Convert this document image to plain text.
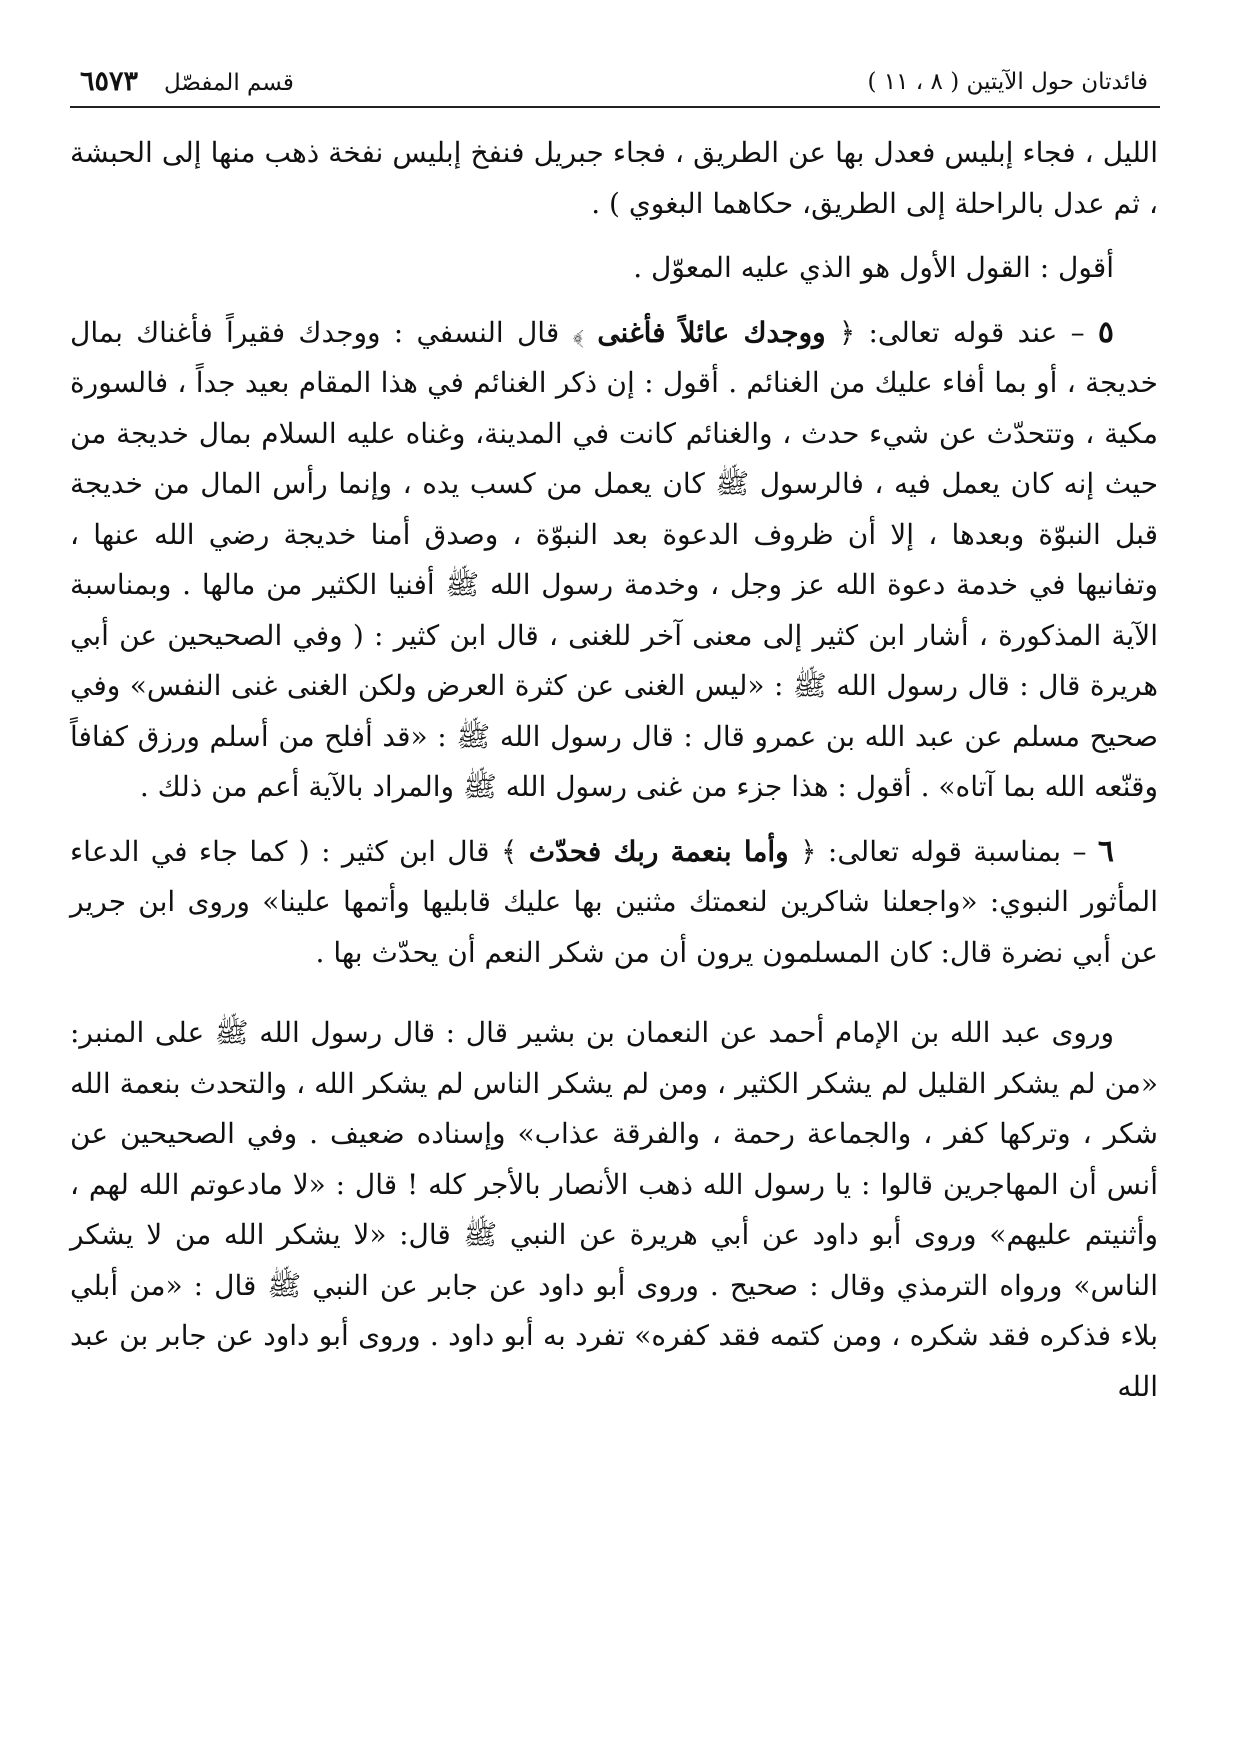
فائدتان حول الآيتين ( ٨ ، ١١ )
قسم المفصّل٦٥٧٣

الليل ، فجاء إبليس فعدل بها عن الطريق ، فجاء جبريل فنفخ إبليس نفخة ذهب منها إلى الحبشة ، ثم عدل بالراحلة إلى الطريق، حكاهما البغوي ) .

أقول : القول الأول هو الذي عليه المعوّل .

٥ – عند قوله تعالى: ﴿ ووجدك عائلاً فأغنى ﴾ قال النسفي : ووجدك فقيراً فأغناك بمال خديجة ، أو بما أفاء عليك من الغنائم . أقول : إن ذكر الغنائم في هذا المقام بعيد جداً ، فالسورة مكية ، وتتحدّث عن شيء حدث ، والغنائم كانت في المدينة، وغناه عليه السلام بمال خديجة من حيث إنه كان يعمل فيه ، فالرسول ﷺ كان يعمل من كسب يده ، وإنما رأس المال من خديجة قبل النبوّة وبعدها ، إلا أن ظروف الدعوة بعد النبوّة ، وصدق أمنا خديجة رضي الله عنها ، وتفانيها في خدمة دعوة الله عز وجل ، وخدمة رسول الله ﷺ أفنيا الكثير من مالها . وبمناسبة الآية المذكورة ، أشار ابن كثير إلى معنى آخر للغنى ، قال ابن كثير : ( وفي الصحيحين عن أبي هريرة قال : قال رسول الله ﷺ : «ليس الغنى عن كثرة العرض ولكن الغنى غنى النفس» وفي صحيح مسلم عن عبد الله بن عمرو قال : قال رسول الله ﷺ : «قد أفلح من أسلم ورزق كفافاً وقنّعه الله بما آتاه» . أقول : هذا جزء من غنى رسول الله ﷺ والمراد بالآية أعم من ذلك .

٦ – بمناسبة قوله تعالى: ﴿ وأما بنعمة ربك فحدّث ﴾ قال ابن كثير : ( كما جاء في الدعاء المأثور النبوي: «واجعلنا شاكرين لنعمتك مثنين بها عليك قابليها وأتمها علينا» وروى ابن جرير عن أبي نضرة قال: كان المسلمون يرون أن من شكر النعم أن يحدّث بها .

وروى عبد الله بن الإمام أحمد عن النعمان بن بشير قال : قال رسول الله ﷺ على المنبر: «من لم يشكر القليل لم يشكر الكثير ، ومن لم يشكر الناس لم يشكر الله ، والتحدث بنعمة الله شكر ، وتركها كفر ، والجماعة رحمة ، والفرقة عذاب» وإسناده ضعيف . وفي الصحيحين عن أنس أن المهاجرين قالوا : يا رسول الله ذهب الأنصار بالأجر كله ! قال : «لا مادعوتم الله لهم ، وأثنيتم عليهم» وروى أبو داود عن أبي هريرة عن النبي ﷺ قال: «لا يشكر الله من لا يشكر الناس» ورواه الترمذي وقال : صحيح . وروى أبو داود عن جابر عن النبي ﷺ قال : «من أبلي بلاء فذكره فقد شكره ، ومن كتمه فقد كفره» تفرد به أبو داود . وروى أبو داود عن جابر بن عبد الله
